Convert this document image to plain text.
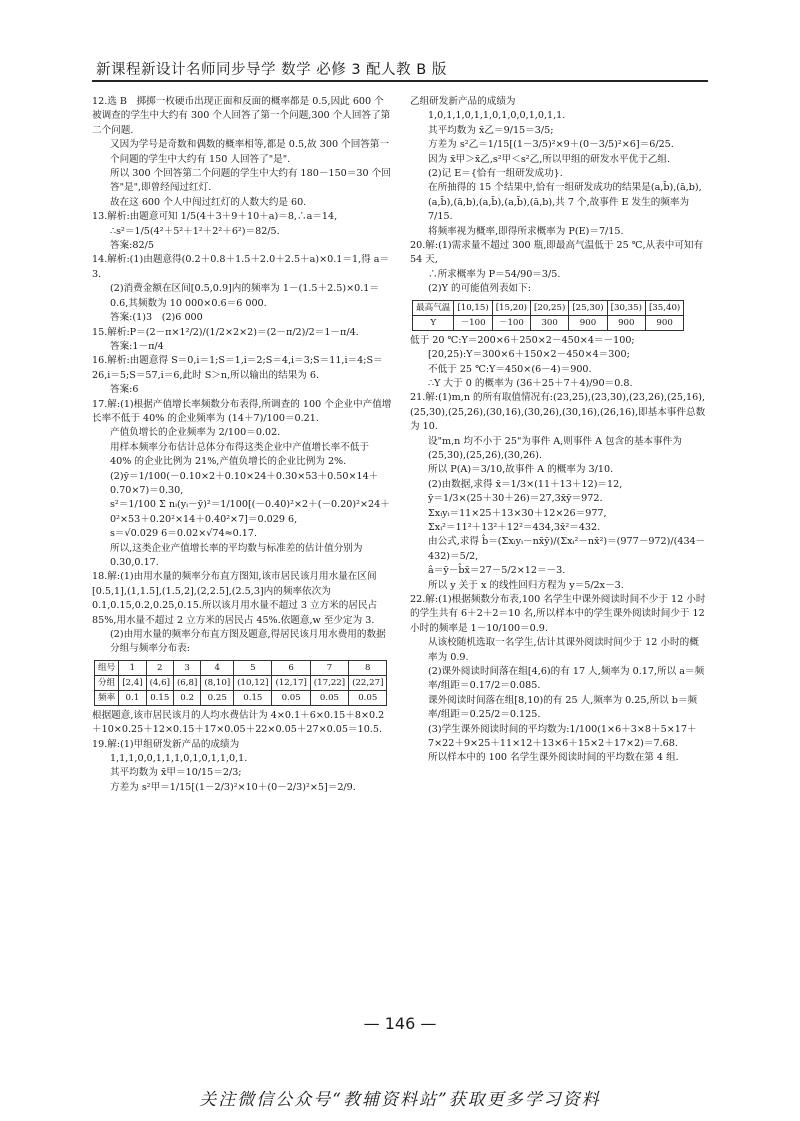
新课程新设计名师同步导学 数学 必修 3 配人教 B 版

12.选 B　掷掷一枚硬币出现正面和反面的概率都是 0.5,因此 600 个被调查的学生中大约有 300 个人回答了第一个问题,300 个人回答了第二个问题.

又因为学号是奇数和偶数的概率相等,都是 0.5,故 300 个回答第一个问题的学生中大约有 150 人回答了"是".

所以 300 个回答第二个问题的学生中大约有 180－150＝30 个回答"是",即曾经闯过红灯.

故在这 600 个人中闯过红灯的人数大约是 60.

13.解析:由题意可知 1/5(4＋3＋9＋10＋a)＝8,∴a＝14,

∴s²＝1/5(4²＋5²＋1²＋2²＋6²)＝82/5.

答案:82/5

14.解析:(1)由题意得(0.2＋0.8＋1.5＋2.0＋2.5＋a)×0.1＝1,得 a＝3.

(2)消费金额在区间[0.5,0.9]内的频率为 1－(1.5＋2.5)×0.1＝0.6,其频数为 10 000×0.6＝6 000.

答案:(1)3　(2)6 000

15.解析:P＝(2－π×1²/2)/(1/2×2×2)＝(2－π/2)/2＝1－π/4.

答案:1－π/4

16.解析:由题意得 S＝0,i＝1;S＝1,i＝2;S＝4,i＝3;S＝11,i＝4;S＝26,i＝5;S＝57,i＝6,此时 S＞n,所以输出的结果为 6.

答案:6

17.解:(1)根据产值增长率频数分布表得,所调查的 100 个企业中产值增长率不低于 40% 的企业频率为 (14＋7)/100＝0.21.

产值负增长的企业频率为 2/100＝0.02.

用样本频率分布估计总体分布得这类企业中产值增长率不低于 40% 的企业比例为 21%,产值负增长的企业比例为 2%.

(2)ȳ＝1/100(－0.10×2＋0.10×24＋0.30×53＋0.50×14＋0.70×7)＝0.30,

s²＝1/100 Σ nᵢ(yᵢ－ȳ)²＝1/100[(－0.40)²×2＋(－0.20)²×24＋0²×53＋0.20²×14＋0.40²×7]＝0.029 6,

s＝√0.029 6＝0.02×√74≈0.17.

所以,这类企业产值增长率的平均数与标准差的估计值分别为 0.30,0.17.

18.解:(1)由用水量的频率分布直方图知,该市居民该月用水量在区间[0.5,1],(1,1.5],(1.5,2],(2,2.5],(2.5,3]内的频率依次为 0.1,0.15,0.2,0.25,0.15.所以该月用水量不超过 3 立方米的居民占 85%,用水量不超过 2 立方米的居民占 45%.依题意,w 至少定为 3.

(2)由用水量的频率分布直方图及题意,得居民该月用水费用的数据分组与频率分布表:

组号	1	2	3	4	5	6	7	8
分组	[2,4]	(4,6]	(6,8]	(8,10]	(10,12]	(12,17]	(17,22]	(22,27]
频率	0.1	0.15	0.2	0.25	0.15	0.05	0.05	0.05

根据题意,该市居民该月的人均水费估计为 4×0.1＋6×0.15＋8×0.2＋10×0.25＋12×0.15＋17×0.05＋22×0.05＋27×0.05＝10.5.

19.解:(1)甲组研发新产品的成绩为

1,1,1,0,0,1,1,1,0,1,0,1,1,0,1.

其平均数为 x̄甲＝10/15＝2/3;

方差为 s²甲＝1/15[(1－2/3)²×10＋(0－2/3)²×5]＝2/9.

乙组研发新产品的成绩为

1,0,1,1,0,1,1,0,1,0,0,1,0,1,1.

其平均数为 x̄乙＝9/15＝3/5;

方差为 s²乙＝1/15[(1－3/5)²×9＋(0－3/5)²×6]＝6/25.

因为 x̄甲＞x̄乙,s²甲＜s²乙,所以甲组的研发水平优于乙组.

(2)记 E＝{恰有一组研发成功}.

在所抽得的 15 个结果中,恰有一组研发成功的结果是(a,b̄),(ā,b),(a,b̄),(ā,b),(a,b̄),(a,b̄),(ā,b),共 7 个,故事件 E 发生的频率为 7/15.

将频率视为概率,即得所求概率为 P(E)＝7/15.

20.解:(1)需求量不超过 300 瓶,即最高气温低于 25 ℃,从表中可知有 54 天,

∴所求概率为 P＝54/90＝3/5.

(2)Y 的可能值列表如下:

最高气温	[10,15)	[15,20)	[20,25)	[25,30)	[30,35)	[35,40)
Y	－100	－100	300	900	900	900

低于 20 ℃:Y＝200×6＋250×2－450×4＝－100;

[20,25):Y＝300×6＋150×2－450×4＝300;

不低于 25 ℃:Y＝450×(6－4)＝900.

∴Y 大于 0 的概率为 (36＋25＋7＋4)/90＝0.8.

21.解:(1)m,n 的所有取值情况有:(23,25),(23,30),(23,26),(25,16),(25,30),(25,26),(30,16),(30,26),(30,16),(26,16),即基本事件总数为 10.

设"m,n 均不小于 25"为事件 A,则事件 A 包含的基本事件为(25,30),(25,26),(30,26).

所以 P(A)＝3/10,故事件 A 的概率为 3/10.

(2)由数据,求得 x̄＝1/3×(11＋13＋12)＝12,

ȳ＝1/3×(25＋30＋26)＝27,3x̄ȳ＝972.

Σxᵢyᵢ＝11×25＋13×30＋12×26＝977,

Σxᵢ²＝11²＋13²＋12²＝434,3x̄²＝432.

由公式,求得 b̂＝(Σxᵢyᵢ－nx̄ȳ)/(Σxᵢ²－nx̄²)＝(977－972)/(434－432)＝5/2,

â＝ȳ－b̂x̄＝27－5/2×12＝－3.

所以 y 关于 x 的线性回归方程为 y＝5/2x－3.

22.解:(1)根据频数分布表,100 名学生中课外阅读时间不少于 12 小时的学生共有 6＋2＋2＝10 名,所以样本中的学生课外阅读时间少于 12 小时的频率是 1－10/100＝0.9.

从该校随机选取一名学生,估计其课外阅读时间少于 12 小时的概率为 0.9.

(2)课外阅读时间落在组[4,6)的有 17 人,频率为 0.17,所以 a＝频率/组距＝0.17/2＝0.085.

课外阅读时间落在组[8,10)的有 25 人,频率为 0.25,所以 b＝频率/组距＝0.25/2＝0.125.

(3)学生课外阅读时间的平均数为:1/100(1×6＋3×8＋5×17＋7×22＋9×25＋11×12＋13×6＋15×2＋17×2)＝7.68.

所以样本中的 100 名学生课外阅读时间的平均数在第 4 组.

— 146 —
关注微信公众号“教辅资料站”获取更多学习资料
